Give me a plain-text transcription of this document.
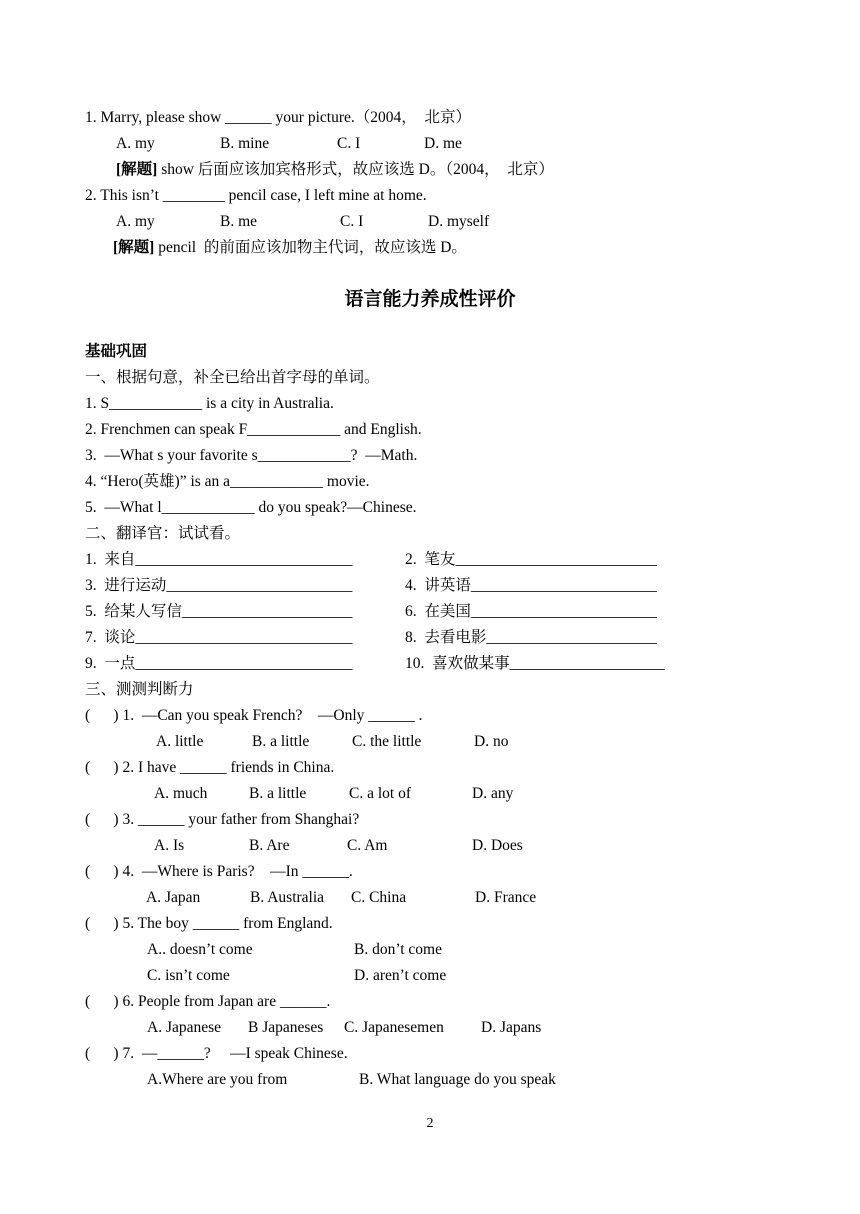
1. Marry, please show ______ your picture.（2004，  北京）
A. my	B. mine	C. I	D. me
[解题] show 后面应该加宾格形式，故应该选 D。（2004，  北京）
2. This isn’t ________ pencil case, I left mine at home.
A. my	B. me	C. I	D. myself
[解题] pencil  的前面应该加物主代词，故应该选 D。
语言能力养成性评价
基础巩固
一、根据句意，补全已给出首字母的单词。
1. S____________ is a city in Australia.
2. Frenchmen can speak F____________ and English.
3.  —What s your favorite s____________?  —Math.
4. “Hero(英雄)” is an a____________ movie.
5.  —What l____________ do you speak?—Chinese.
二、翻译官：试试看。
1.  来自____________________________	2.  笔友__________________________
3.  进行运动________________________	4.  讲英语________________________
5.  给某人写信______________________	6.  在美国________________________
7.  谈论____________________________	8.  去看电影______________________
9.  一点____________________________	10.  喜欢做某事____________________
三、测测判断力
(      ) 1.  —Can you speak French?    —Only ______ .
A. little	B. a little	C. the little	D. no
(      ) 2. I have ______ friends in China.
A. much	B. a little	C. a lot of	D. any
(      ) 3. ______ your father from Shanghai?
A. Is	B. Are	C. Am	D. Does
(      ) 4.  —Where is Paris?    —In ______.
A. Japan	B. Australia C. China	D. France
(      ) 5. The boy ______ from England.
A.. doesn’t come	B. don’t come
C. isn’t come	D. aren’t come
(      ) 6. People from Japan are ______.
A. Japanese B Japaneses C. Japanesemen D. Japans
(      ) 7.  —______?     —I speak Chinese.
A.Where are you from	B. What language do you speak
2
